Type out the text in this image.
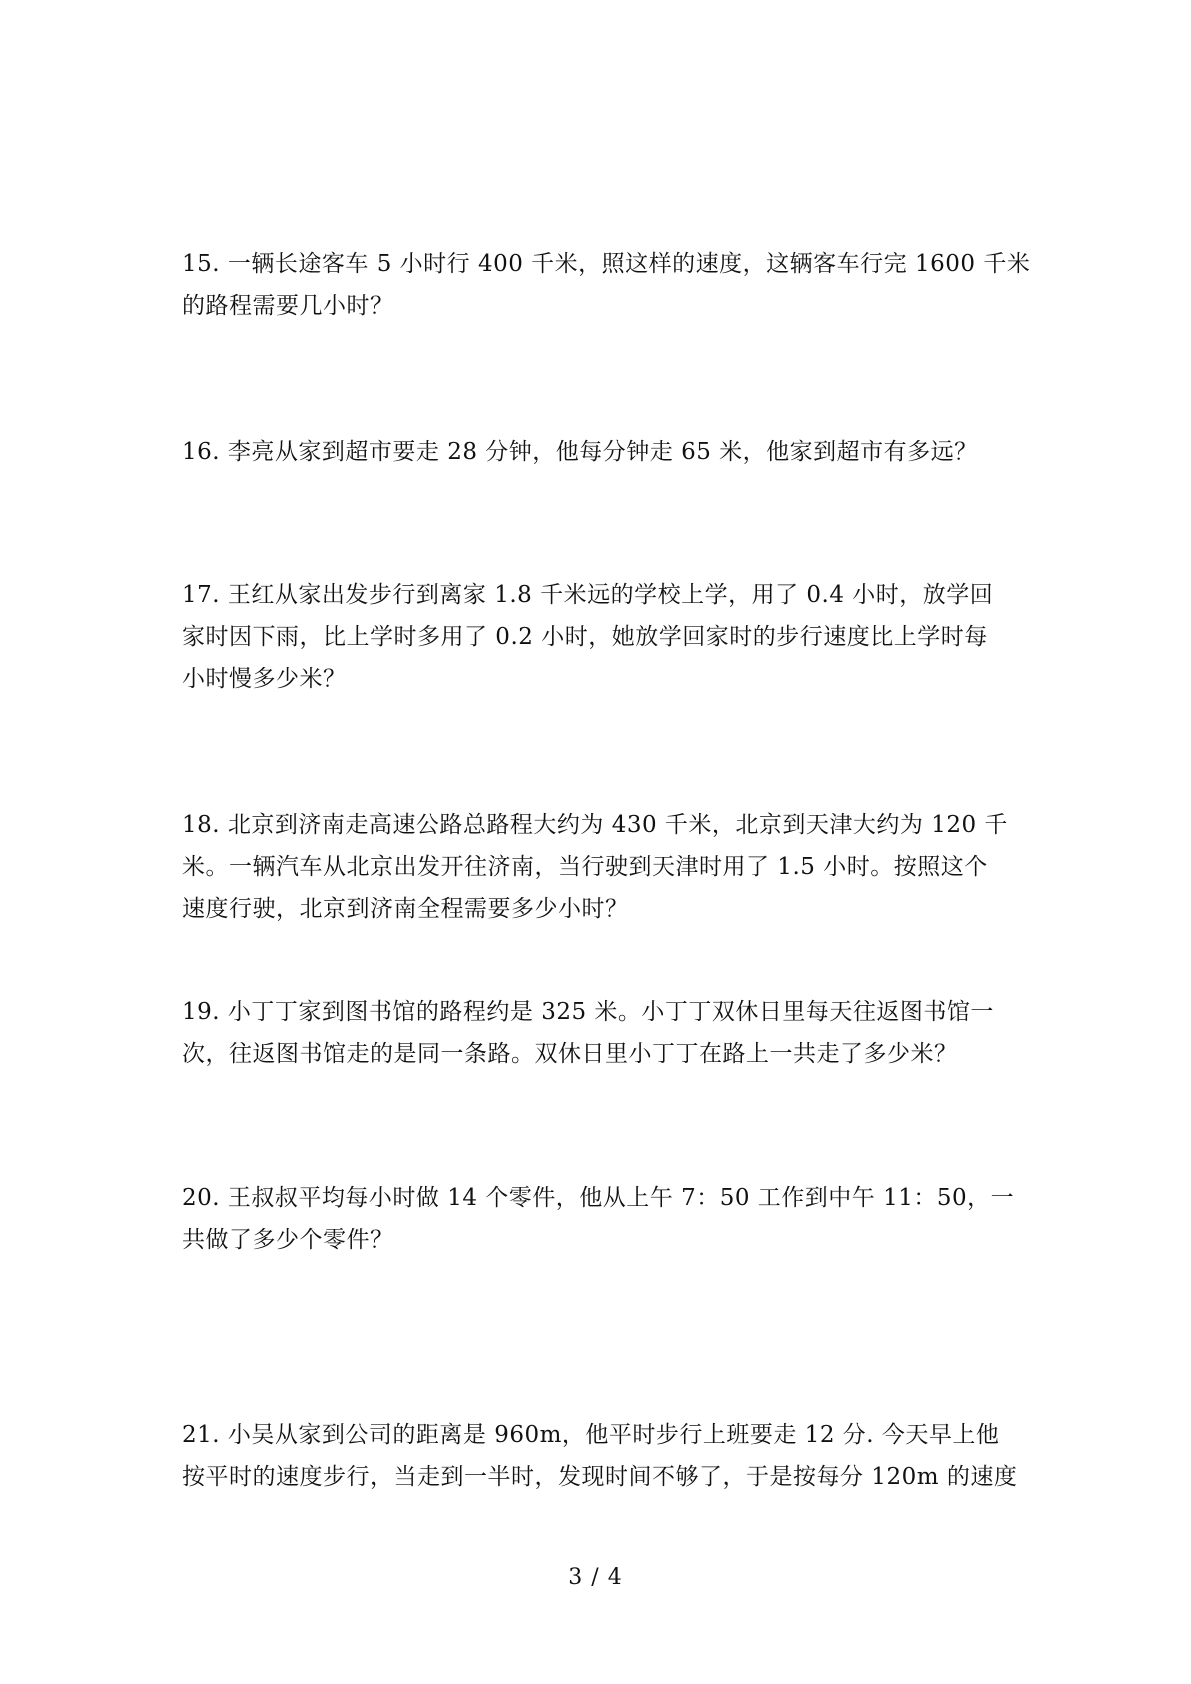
15. 一辆长途客车 5 小时行 400 千米，照这样的速度，这辆客车行完 1600 千米
的路程需要几小时？
16. 李亮从家到超市要走 28 分钟，他每分钟走 65 米，他家到超市有多远？
17. 王红从家出发步行到离家 1.8 千米远的学校上学，用了 0.4 小时，放学回
家时因下雨，比上学时多用了 0.2 小时，她放学回家时的步行速度比上学时每
小时慢多少米？
18. 北京到济南走高速公路总路程大约为 430 千米，北京到天津大约为 120 千
米。一辆汽车从北京出发开往济南，当行驶到天津时用了 1.5 小时。按照这个
速度行驶，北京到济南全程需要多少小时？
19. 小丁丁家到图书馆的路程约是 325 米。小丁丁双休日里每天往返图书馆一
次，往返图书馆走的是同一条路。双休日里小丁丁在路上一共走了多少米？
20. 王叔叔平均每小时做 14 个零件，他从上午 7：50 工作到中午 11：50，一
共做了多少个零件？
21. 小吴从家到公司的距离是 960m，他平时步行上班要走 12 分. 今天早上他
按平时的速度步行，当走到一半时，发现时间不够了，于是按每分 120m 的速度
3 / 4
